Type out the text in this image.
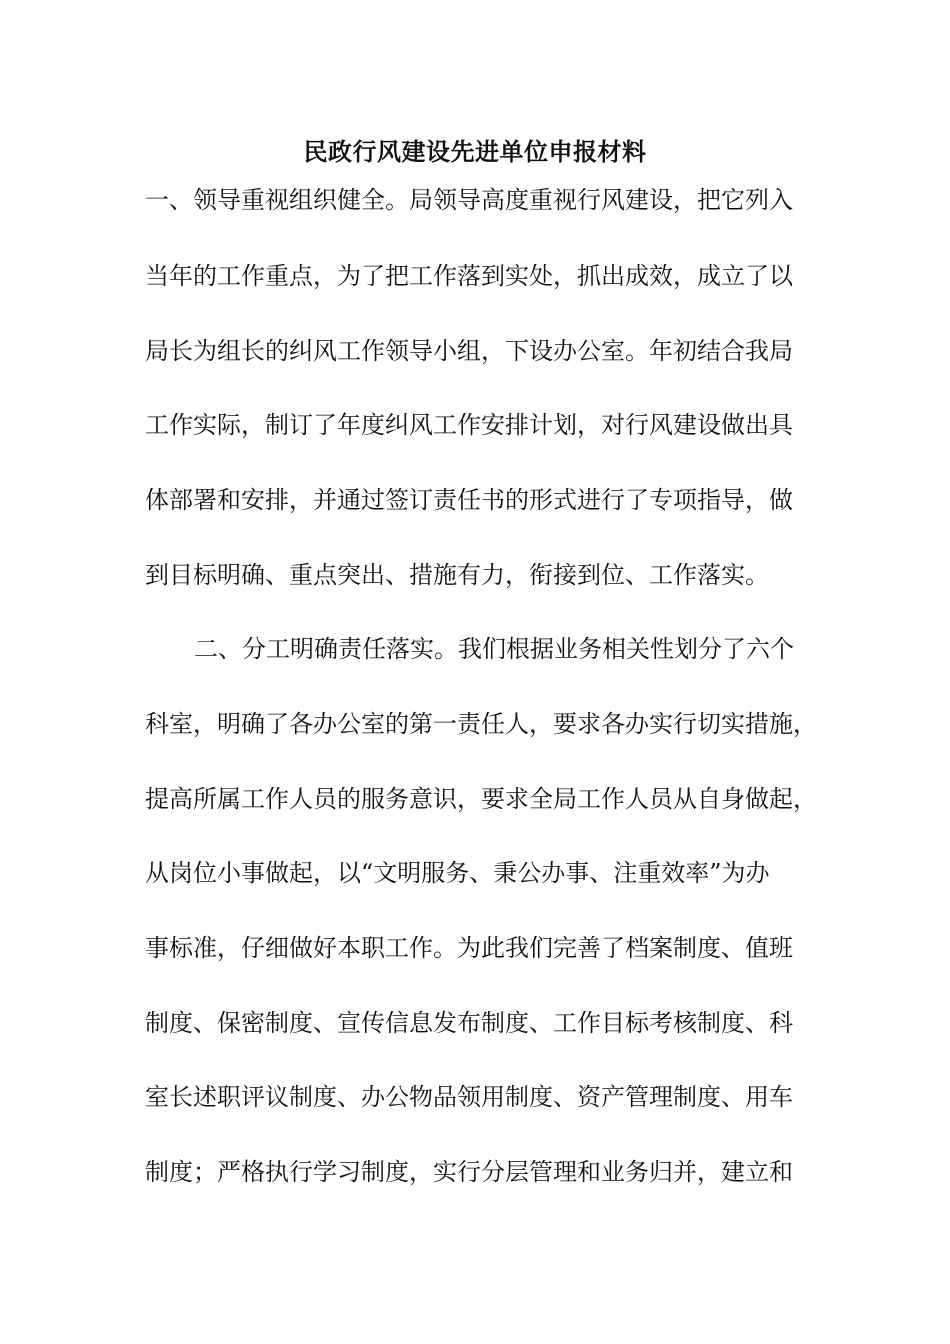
民政行风建设先进单位申报材料

一、领导重视组织健全。局领导高度重视行风建设，把它列入

当年的工作重点，为了把工作落到实处，抓出成效，成立了以

局长为组长的纠风工作领导小组，下设办公室。年初结合我局

工作实际，制订了年度纠风工作安排计划，对行风建设做出具

体部署和安排，并通过签订责任书的形式进行了专项指导，做

到目标明确、重点突出、措施有力，衔接到位、工作落实。

二、分工明确责任落实。我们根据业务相关性划分了六个

科室，明确了各办公室的第一责任人，要求各办实行切实措施，

提高所属工作人员的服务意识，要求全局工作人员从自身做起，

从岗位小事做起，以“文明服务、秉公办事、注重效率”为办

事标准，仔细做好本职工作。为此我们完善了档案制度、值班

制度、保密制度、宣传信息发布制度、工作目标考核制度、科

室长述职评议制度、办公物品领用制度、资产管理制度、用车

制度；严格执行学习制度，实行分层管理和业务归并，建立和
